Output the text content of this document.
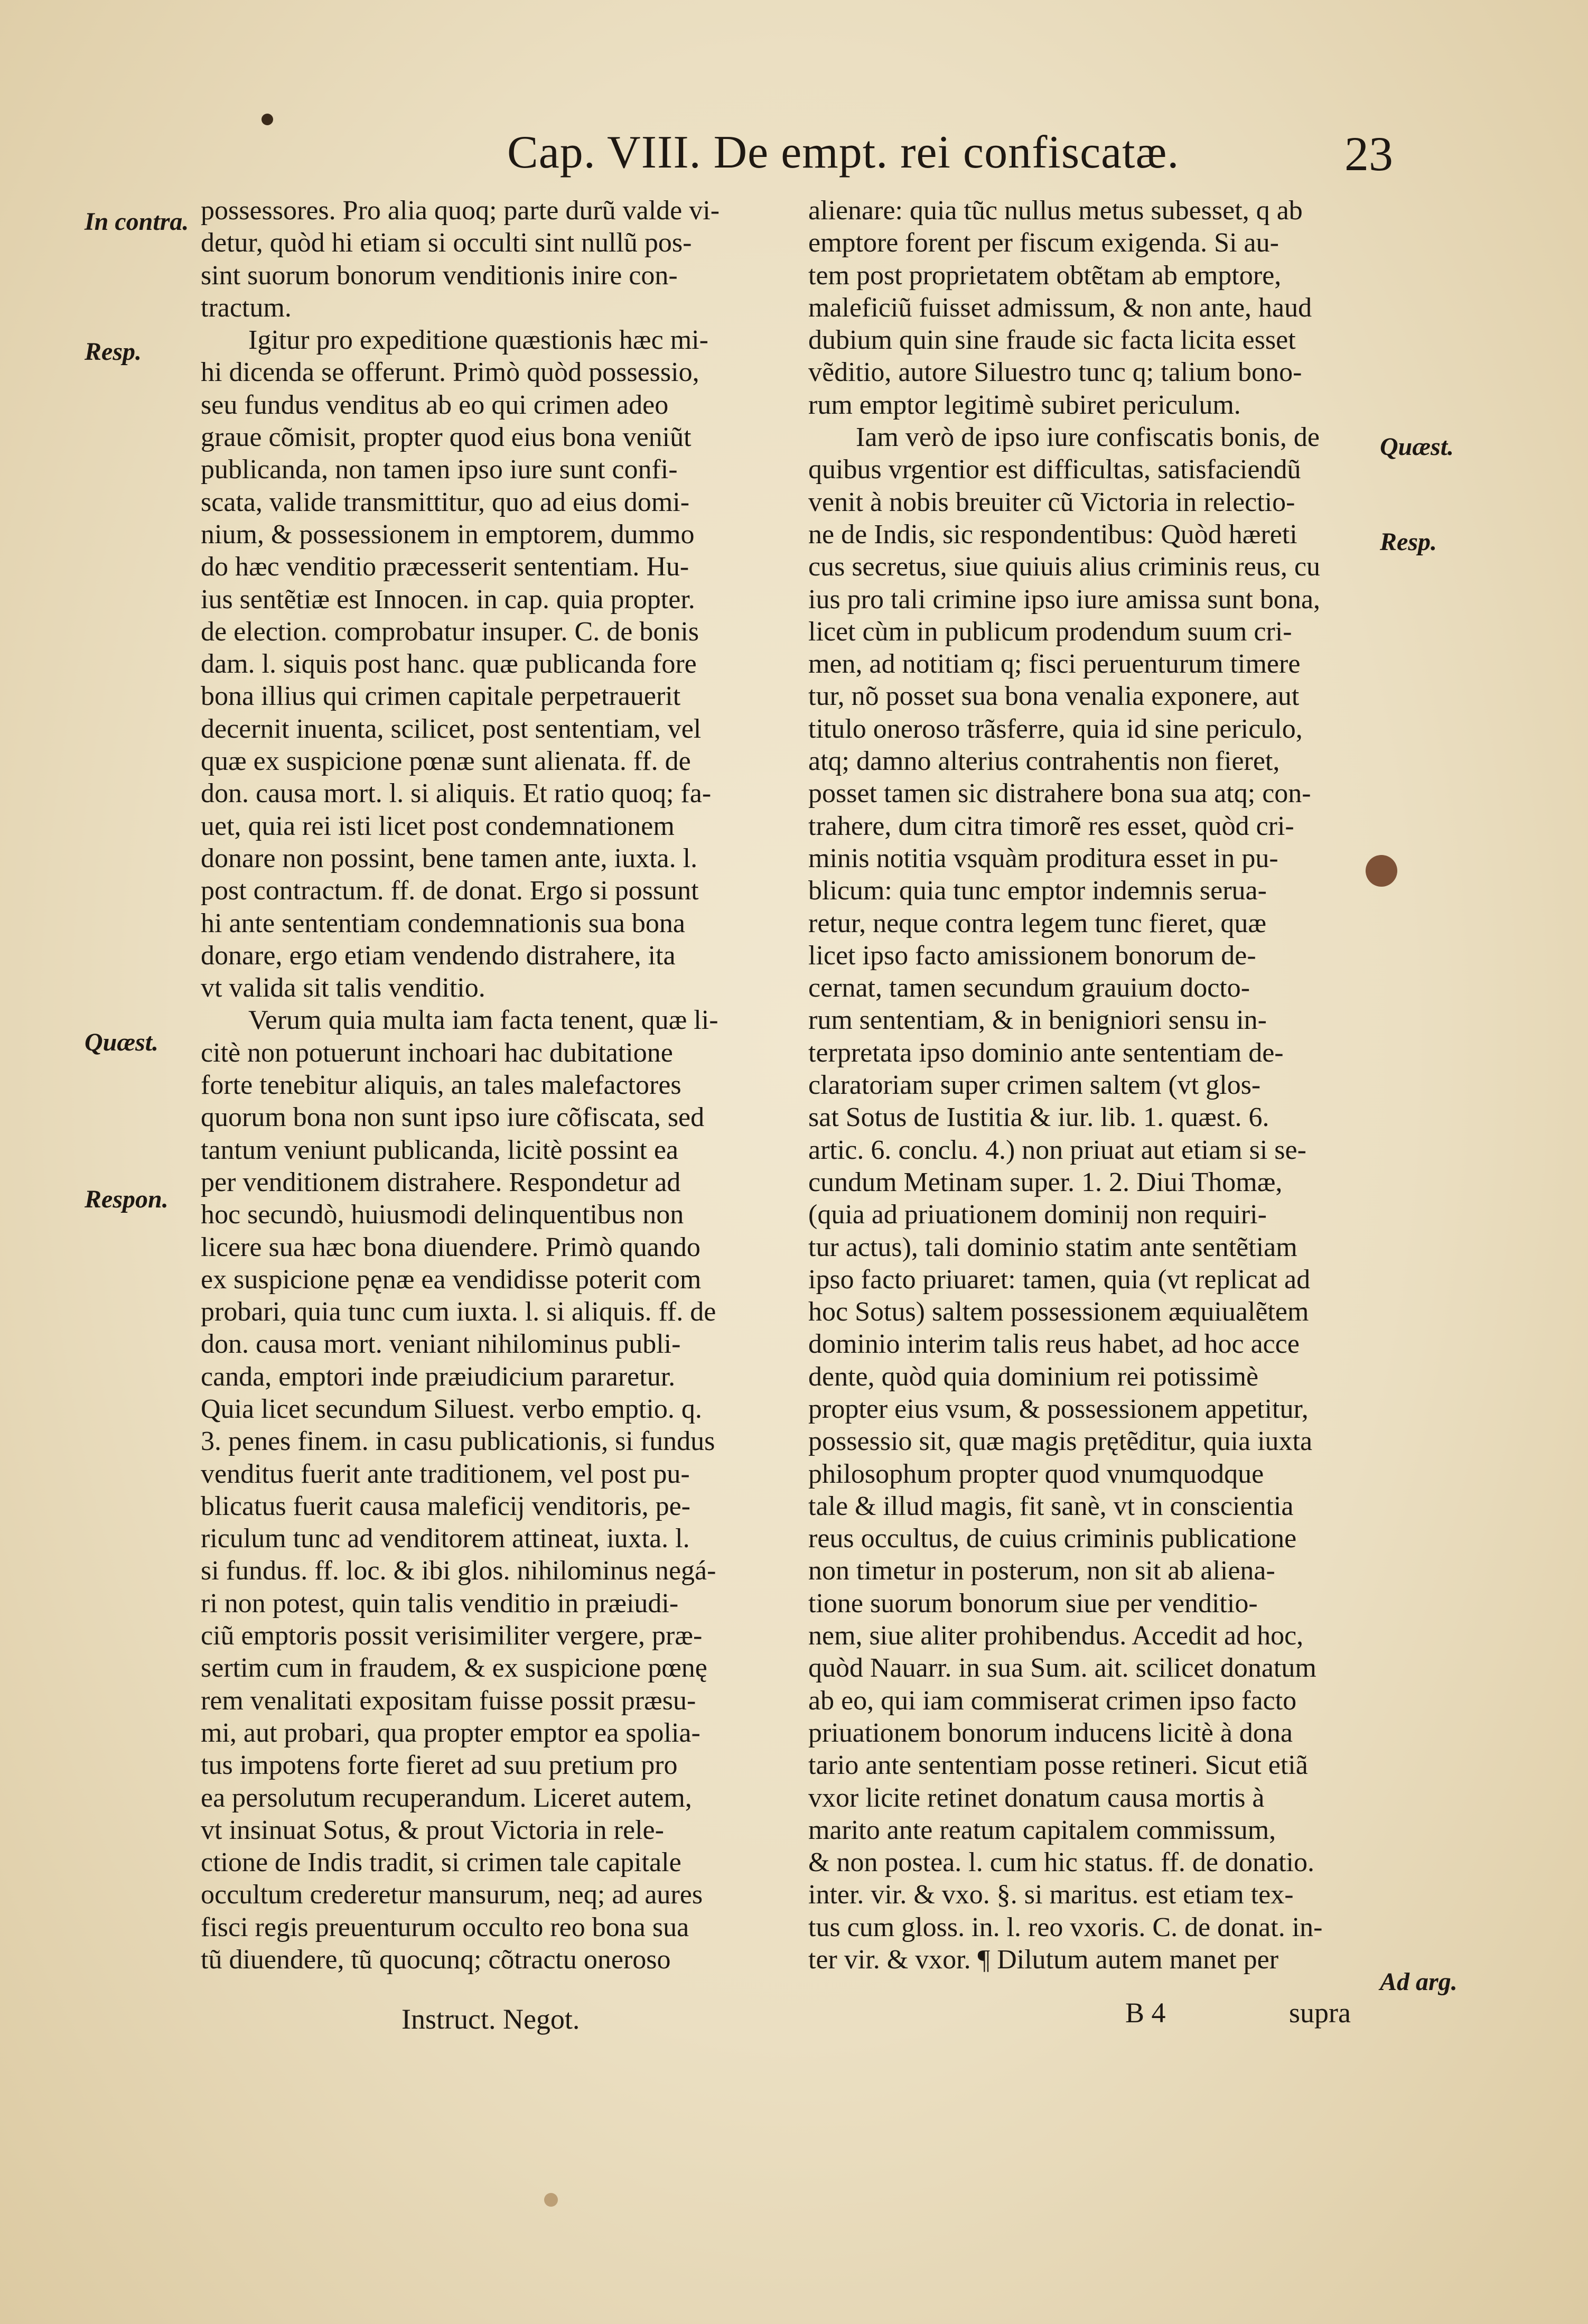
Cap. VIII. De empt. rei confiscatæ.	23
In contra.
Resp.
Quæst.
Respon.
Quæst.
Resp.
Ad arg.
possessores. Pro alia quoq; parte durũ valde vi-
detur, quòd hi etiam si occulti sint nullũ pos-
sint suorum bonorum venditionis inire con-
tractum.
Igitur pro expeditione quæstionis hæc mi-
hi dicenda se offerunt. Primò quòd possessio,
seu fundus venditus ab eo qui crimen adeo
graue cõmisit, propter quod eius bona veniũt
publicanda, non tamen ipso iure sunt confi-
scata, valide transmittitur, quo ad eius domi-
nium, & possessionem in emptorem, dummo
do hæc venditio præcesserit sententiam. Hu-
ius sentẽtiæ est Innocen. in cap. quia propter.
de election. comprobatur insuper. C. de bonis
dam. l. siquis post hanc. quæ publicanda fore
bona illius qui crimen capitale perpetrauerit
decernit inuenta, scilicet, post sententiam, vel
quæ ex suspicione pœnæ sunt alienata. ff. de
don. causa mort. l. si aliquis. Et ratio quoq; fa-
uet, quia rei isti licet post condemnationem
donare non possint, bene tamen ante, iuxta. l.
post contractum. ff. de donat. Ergo si possunt
hi ante sententiam condemnationis sua bona
donare, ergo etiam vendendo distrahere, ita
vt valida sit talis venditio.
Verum quia multa iam facta tenent, quæ li-
citè non potuerunt inchoari hac dubitatione
forte tenebitur aliquis, an tales malefactores
quorum bona non sunt ipso iure cõfiscata, sed
tantum veniunt publicanda, licitè possint ea
per venditionem distrahere. Respondetur ad
hoc secundò, huiusmodi delinquentibus non
licere sua hæc bona diuendere. Primò quando
ex suspicione pęnæ ea vendidisse poterit com
probari, quia tunc cum iuxta. l. si aliquis. ff. de
don. causa mort. veniant nihilominus publi-
canda, emptori inde præiudicium pararetur.
Quia licet secundum Siluest. verbo emptio. q.
3. penes finem. in casu publicationis, si fundus
venditus fuerit ante traditionem, vel post pu-
blicatus fuerit causa maleficij venditoris, pe-
riculum tunc ad venditorem attineat, iuxta. l.
si fundus. ff. loc. & ibi glos. nihilominus negá-
ri non potest, quin talis venditio in præiudi-
ciũ emptoris possit verisimiliter vergere, præ-
sertim cum in fraudem, & ex suspicione pœnę
rem venalitati expositam fuisse possit præsu-
mi, aut probari, qua propter emptor ea spolia-
tus impotens forte fieret ad suu pretium pro
ea persolutum recuperandum. Liceret autem,
vt insinuat Sotus, & prout Victoria in rele-
ctione de Indis tradit, si crimen tale capitale
occultum crederetur mansurum, neq; ad aures
fisci regis preuenturum occulto reo bona sua
tũ diuendere, tũ quocunq; cõtractu oneroso
alienare: quia tũc nullus metus subesset, q ab
emptore forent per fiscum exigenda. Si au-
tem post proprietatem obtẽtam ab emptore,
maleficiũ fuisset admissum, & non ante, haud
dubium quin sine fraude sic facta licita esset
vẽditio, autore Siluestro tunc q; talium bono-
rum emptor legitimè subiret periculum.
Iam verò de ipso iure confiscatis bonis, de
quibus vrgentior est difficultas, satisfaciendũ
venit à nobis breuiter cũ Victoria in relectio-
ne de Indis, sic respondentibus: Quòd hæreti
cus secretus, siue quiuis alius criminis reus, cu
ius pro tali crimine ipso iure amissa sunt bona,
licet cùm in publicum prodendum suum cri-
men, ad notitiam q; fisci peruenturum timere
tur, nõ posset sua bona venalia exponere, aut
titulo oneroso trãsferre, quia id sine periculo,
atq; damno alterius contrahentis non fieret,
posset tamen sic distrahere bona sua atq; con-
trahere, dum citra timorẽ res esset, quòd cri-
minis notitia vsquàm proditura esset in pu-
blicum: quia tunc emptor indemnis serua-
retur, neque contra legem tunc fieret, quæ
licet ipso facto amissionem bonorum de-
cernat, tamen secundum grauium docto-
rum sententiam, & in benigniori sensu in-
terpretata ipso dominio ante sententiam de-
claratoriam super crimen saltem (vt glos-
sat Sotus de Iustitia & iur. lib. 1. quæst. 6.
artic. 6. conclu. 4.) non priuat aut etiam si se-
cundum Metinam super. 1. 2. Diui Thomæ,
(quia ad priuationem dominij non requiri-
tur actus), tali dominio statim ante sentẽtiam
ipso facto priuaret: tamen, quia (vt replicat ad
hoc Sotus) saltem possessionem æquiualẽtem
dominio interim talis reus habet, ad hoc acce
dente, quòd quia dominium rei potissimè
propter eius vsum, & possessionem appetitur,
possessio sit, quæ magis prętẽditur, quia iuxta
philosophum propter quod vnumquodque
tale & illud magis, fit sanè, vt in conscientia
reus occultus, de cuius criminis publicatione
non timetur in posterum, non sit ab aliena-
tione suorum bonorum siue per venditio-
nem, siue aliter prohibendus. Accedit ad hoc,
quòd Nauarr. in sua Sum. ait. scilicet donatum
ab eo, qui iam commiserat crimen ipso facto
priuationem bonorum inducens licitè à dona
tario ante sententiam posse retineri. Sicut etiã
vxor licite retinet donatum causa mortis à
marito ante reatum capitalem commissum,
& non postea. l. cum hic status. ff. de donatio.
inter. vir. & vxo. §. si maritus. est etiam tex-
tus cum gloss. in. l. reo vxoris. C. de donat. in-
ter vir. & vxor. ¶ Dilutum autem manet per
Instruct. Negot.	B 4	supra
